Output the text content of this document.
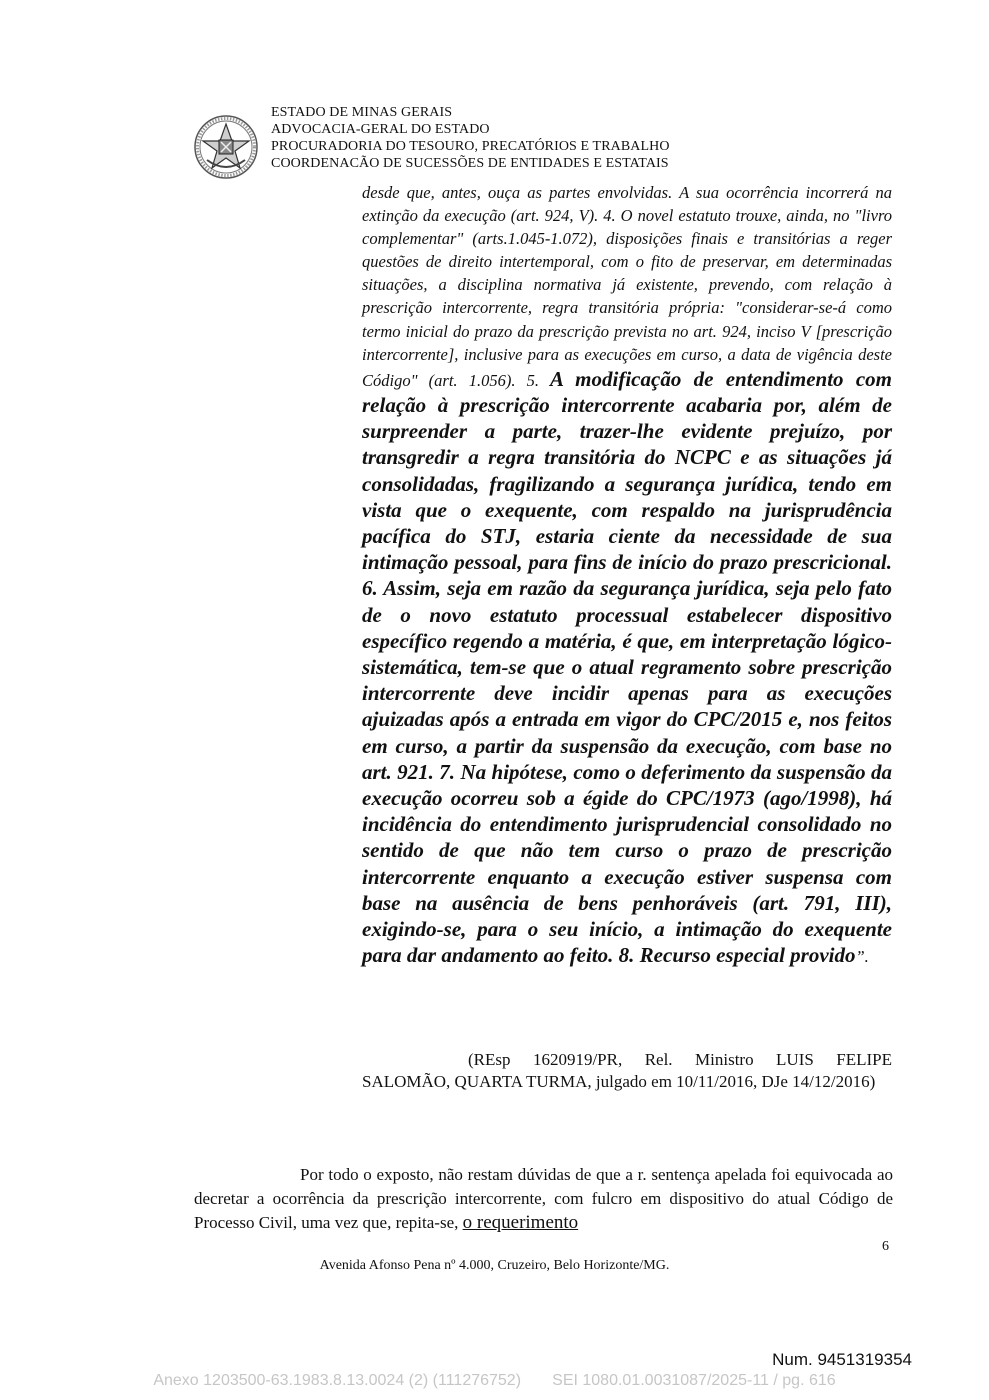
ESTADO DE MINAS GERAIS
ADVOCACIA-GERAL DO ESTADO
PROCURADORIA DO TESOURO, PRECATÓRIOS E TRABALHO
COORDENACÃO DE SUCESSÕES DE ENTIDADES E ESTATAIS
desde que, antes, ouça as partes envolvidas. A sua ocorrência incorrerá na extinção da execução (art. 924, V). 4. O novel estatuto trouxe, ainda, no "livro complementar" (arts.1.045-1.072), disposições finais e transitórias a reger questões de direito intertemporal, com o fito de preservar, em determinadas situações, a disciplina normativa já existente, prevendo, com relação à prescrição intercorrente, regra transitória própria: "considerar-se-á como termo inicial do prazo da prescrição prevista no art. 924, inciso V [prescrição intercorrente], inclusive para as execuções em curso, a data de vigência deste Código" (art. 1.056). 5. A modificação de entendimento com relação à prescrição intercorrente acabaria por, além de surpreender a parte, trazer-lhe evidente prejuízo, por transgredir a regra transitória do NCPC e as situações já consolidadas, fragilizando a segurança jurídica, tendo em vista que o exequente, com respaldo na jurisprudência pacífica do STJ, estaria ciente da necessidade de sua intimação pessoal, para fins de início do prazo prescricional. 6. Assim, seja em razão da segurança jurídica, seja pelo fato de o novo estatuto processual estabelecer dispositivo específico regendo a matéria, é que, em interpretação lógico-sistemática, tem-se que o atual regramento sobre prescrição intercorrente deve incidir apenas para as execuções ajuizadas após a entrada em vigor do CPC/2015 e, nos feitos em curso, a partir da suspensão da execução, com base no art. 921. 7. Na hipótese, como o deferimento da suspensão da execução ocorreu sob a égide do CPC/1973 (ago/1998), há incidência do entendimento jurisprudencial consolidado no sentido de que não tem curso o prazo de prescrição intercorrente enquanto a execução estiver suspensa com base na ausência de bens penhoráveis (art. 791, III), exigindo-se, para o seu início, a intimação do exequente para dar andamento ao feito. 8. Recurso especial provido”.
(REsp 1620919/PR, Rel. Ministro LUIS FELIPE SALOMÃO, QUARTA TURMA, julgado em 10/11/2016, DJe 14/12/2016)
Por todo o exposto, não restam dúvidas de que a r. sentença apelada foi equivocada ao decretar a ocorrência da prescrição intercorrente, com fulcro em dispositivo do atual Código de Processo Civil, uma vez que, repita-se, o requerimento
6
Avenida Afonso Pena nº 4.000, Cruzeiro, Belo Horizonte/MG.
Num. 9451319354
Anexo 1203500-63.1983.8.13.0024 (2) (111276752)       SEI 1080.01.0031087/2025-11 / pg. 616
